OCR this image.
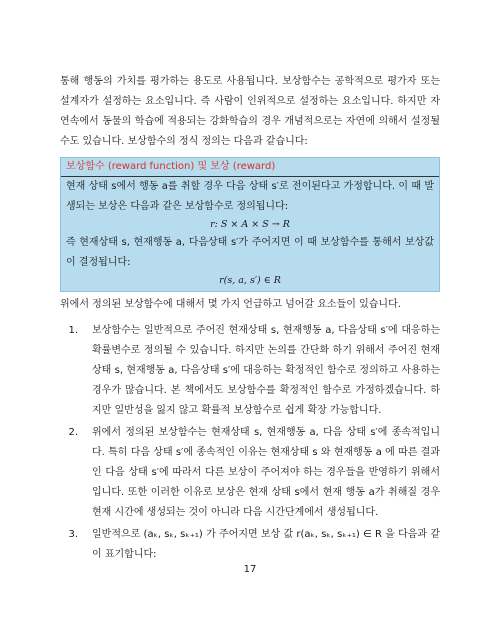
통해 행동의 가치를 평가하는 용도로 사용됩니다. 보상함수는 공학적으로 평가자 또는 설계자가 설정하는 요소입니다. 즉 사람이 인위적으로 설정하는 요소입니다. 하지만 자연속에서 동물의 학습에 적용되는 강화학습의 경우 개념적으로는 자연에 의해서 설정될 수도 있습니다. 보상함수의 정식 정의는 다음과 같습니다:

보상함수 (reward function) 및 보상 (reward)

현재 상태 s에서 행동 a를 취할 경우 다음 상태 s′로 전이된다고 가정합니다. 이 때 발생되는 보상은 다음과 같은 보상함수로 정의됩니다:

r: S × A × S → R

즉 현재상태 s, 현재행동 a, 다음상태 s′가 주어지면 이 때 보상함수를 통해서 보상값이 결정됩니다:

r(s, a, s′) ∈ R

위에서 정의된 보상함수에 대해서 몇 가지 언급하고 넘어갈 요소들이 있습니다.

1. 보상함수는 일반적으로 주어진 현재상태 s, 현재행동 a, 다음상태 s′에 대응하는 확률변수로 정의될 수 있습니다. 하지만 논의를 간단화 하기 위해서 주어진 현재상태 s, 현재행동 a, 다음상태 s′에 대응하는 확정적인 함수로 정의하고 사용하는 경우가 많습니다. 본 책에서도 보상함수를 확정적인 함수로 가정하겠습니다. 하지만 일반성을 잃지 않고 확률적 보상함수로 쉽게 확장 가능합니다.
2. 위에서 정의된 보상함수는 현재상태 s, 현재행동 a, 다음 상태 s′에 종속적입니다. 특히 다음 상태 s′에 종속적인 이유는 현재상태 s 와 현재행동 a 에 따른 결과인 다음 상태 s′에 따라서 다른 보상이 주어져야 하는 경우들을 반영하기 위해서입니다. 또한 이러한 이유로 보상은 현재 상태 s에서 현재 행동 a가 취해질 경우 현재 시간에 생성되는 것이 아니라 다음 시간단계에서 생성됩니다.
3. 일반적으로 (aₖ, sₖ, sₖ₊₁) 가 주어지면 보상 값 r(aₖ, sₖ, sₖ₊₁) ∈ R 을 다음과 같이 표기합니다:
17
